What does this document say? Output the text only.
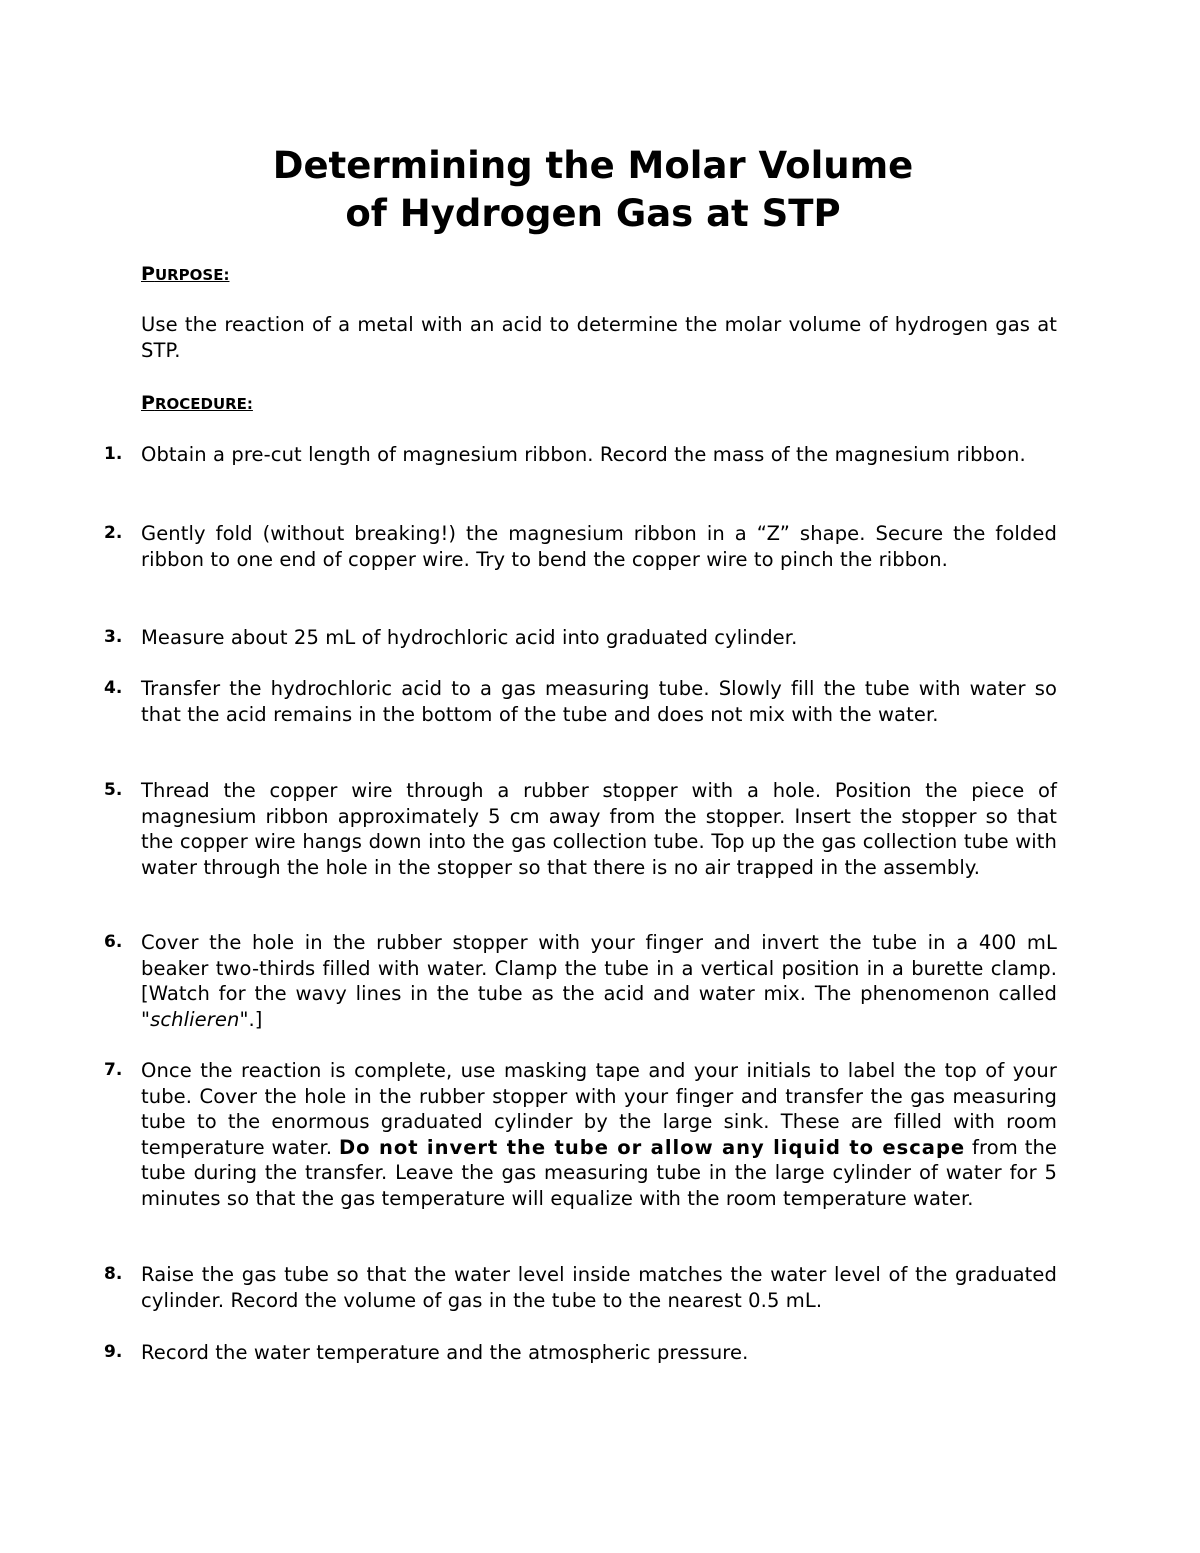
Determining the Molar Volume
of Hydrogen Gas at STP
PURPOSE:

Use the reaction of a metal with an acid to determine the molar volume of hydrogen gas at STP.

PROCEDURE:
1. Obtain a pre-cut length of magnesium ribbon. Record the mass of the magnesium ribbon.

2. Gently fold (without breaking!) the magnesium ribbon in a “Z” shape. Secure the folded ribbon to one end of copper wire. Try to bend the copper wire to pinch the ribbon.

3. Measure about 25 mL of hydrochloric acid into graduated cylinder.

4. Transfer the hydrochloric acid to a gas measuring tube. Slowly fill the tube with water so that the acid remains in the bottom of the tube and does not mix with the water.

5. Thread the copper wire through a rubber stopper with a hole. Position the piece of magnesium ribbon approximately 5 cm away from the stopper. Insert the stopper so that the copper wire hangs down into the gas collection tube. Top up the gas collection tube with water through the hole in the stopper so that there is no air trapped in the assembly.

6. Cover the hole in the rubber stopper with your finger and invert the tube in a 400 mL beaker two-thirds filled with water. Clamp the tube in a vertical position in a burette clamp. [Watch for the wavy lines in the tube as the acid and water mix. The phenomenon called "schlieren".]

7. Once the reaction is complete, use masking tape and your initials to label the top of your tube. Cover the hole in the rubber stopper with your finger and transfer the gas measuring tube to the enormous graduated cylinder by the large sink. These are filled with room temperature water. Do not invert the tube or allow any liquid to escape from the tube during the transfer. Leave the gas measuring tube in the large cylinder of water for 5 minutes so that the gas temperature will equalize with the room temperature water.

8. Raise the gas tube so that the water level inside matches the water level of the graduated cylinder. Record the volume of gas in the tube to the nearest 0.5 mL.

9. Record the water temperature and the atmospheric pressure.
